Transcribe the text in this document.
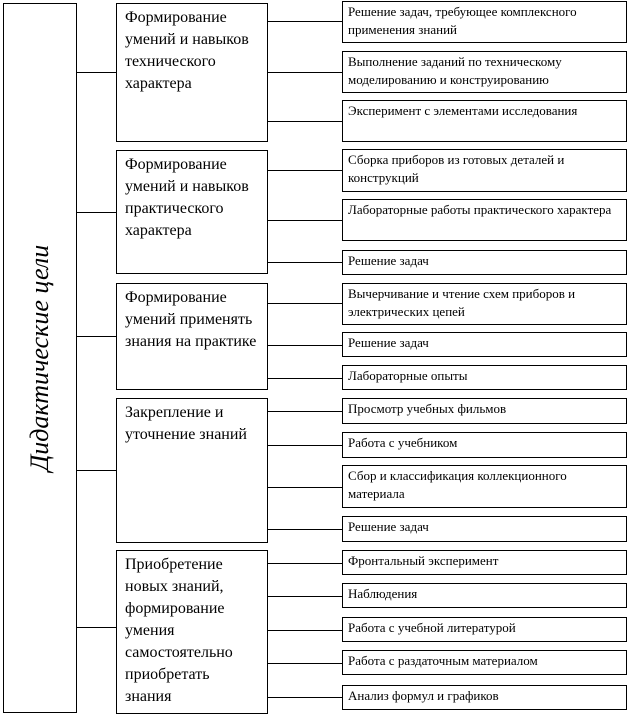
Дидактические цели
Формирование умений и навыков технического характера
Решение задач, требующее комплексного применения знаний
Выполнение заданий по техническому моделированию и конструированию
Эксперимент с элементами исследования
Формирование умений и навыков практического характера
Сборка приборов из готовых деталей и конструкций
Лабораторные работы практического характера
Решение задач
Формирование умений применять знания на практике
Вычерчивание и чтение схем приборов и электрических цепей
Решение задач
Лабораторные опыты
Закрепление и уточнение знаний
Просмотр учебных фильмов
Работа с учебником
Сбор и классификация коллекционного материала
Решение задач
Приобретение новых знаний, формирование умения самостоятельно приобретать знания
Фронтальный эксперимент
Наблюдения
Работа с учебной литературой
Работа с раздаточным материалом
Анализ формул и графиков
